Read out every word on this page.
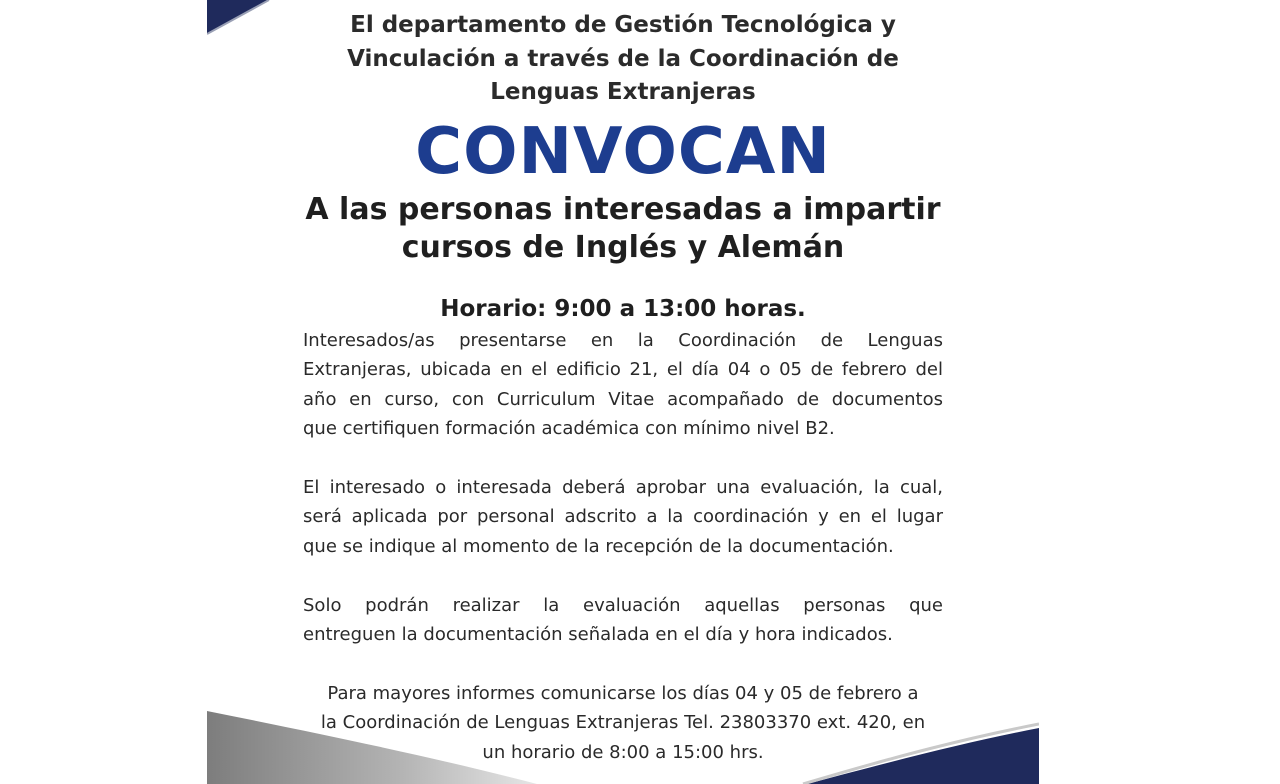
El departamento de Gestión Tecnológica y
Vinculación a través de la Coordinación de
Lenguas Extranjeras
CONVOCAN
A las personas interesadas a impartir
cursos de Inglés y Alemán
Horario: 9:00 a 13:00 horas.
Interesados/as presentarse en la Coordinación de Lenguas
Extranjeras, ubicada en el edificio 21, el día 04 o 05 de febrero del
año en curso, con Curriculum Vitae acompañado de documentos
que certifiquen formación académica con mínimo nivel B2.
El interesado o interesada deberá aprobar una evaluación, la cual,
será aplicada por personal adscrito a la coordinación y en el lugar
que se indique al momento de la recepción de la documentación.
Solo podrán realizar la evaluación aquellas personas que
entreguen la documentación señalada en el día y hora indicados.
Para mayores informes comunicarse los días 04 y 05 de febrero a
la Coordinación de Lenguas Extranjeras Tel. 23803370 ext. 420, en
un horario de 8:00 a 15:00 hrs.
